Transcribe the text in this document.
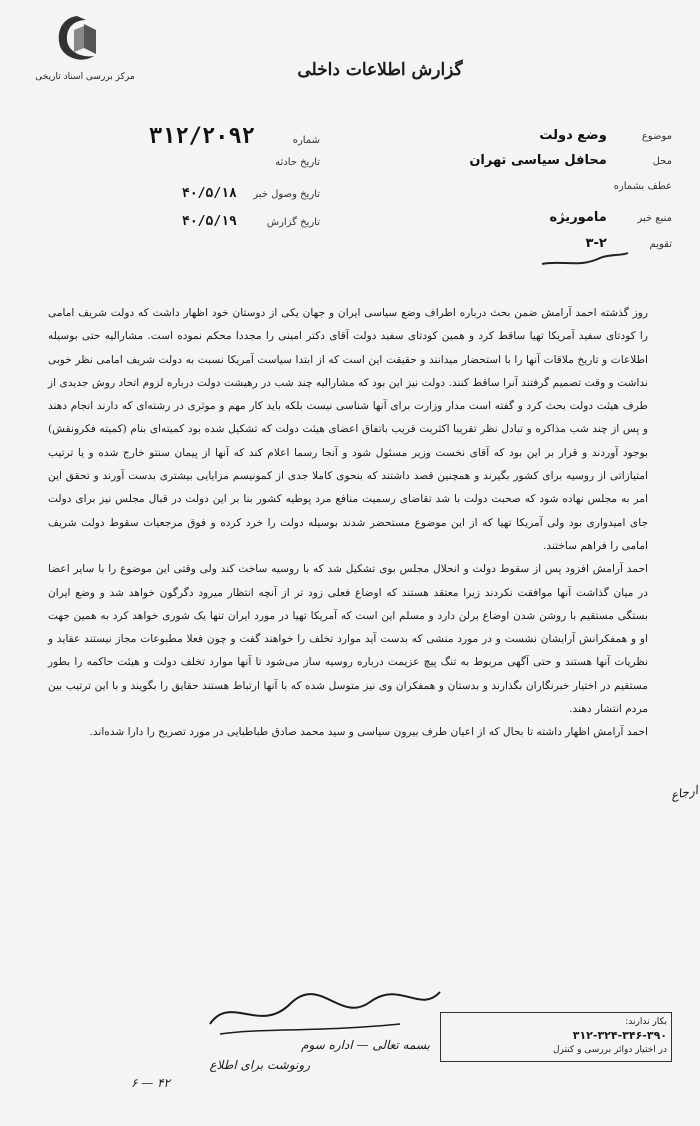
مرکز بررسی اسناد تاریخی	گزارش اطلاعات داخلی
موضوع وضع دولت
محل محافل سیاسی تهران
عطف بشماره
منبع خبر ماموریژه
تقویم ۳-۲
شماره ۳۱۲/۲۰۹۲
تاریخ حادثه
تاریخ وصول خبر ۴۰/۵/۱۸
تاریخ گزارش ۴۰/۵/۱۹

روز گذشته احمد آرامش ضمن بحث درباره اطراف وضع سیاسی ایران و جهان یکی از دوستان خود اظهار داشت که دولت شریف امامی را کودتای سفید آمریکا تهیا ساقط کرد و همین کودتای سفید دولت آقای دکتر امینی را مجددا محکم نموده است. مشارالیه حتی بوسیله اطلاعات و تاریخ ملاقات آنها را با استحضار میدانند و حقیقت این است که از ابتدا سیاست آمریکا نسبت به دولت شریف امامی نظر خوبی نداشت و وقت تصمیم گرفتند آنرا ساقط کنند. دولت نیز این بود که مشارالیه چند شب در رهیشت دولت درباره لزوم اتحاد روش جدیدی از طرف هیئت دولت بحث کرد و گفته است مدار وزارت برای آنها شناسی نیست بلکه باید کار مهم و موثری در رشته‌ای که دارند انجام دهند و پس از چند شب مذاکره و تبادل نظر تقریبا اکثریت قریب باتفاق اعضای هیئت دولت که تشکیل شده بود کمیته‌ای بنام (کمیته فکرونقش) بوجود آوردند و قرار بر این بود که آقای نخست وزیر مسئول شود و آنجا رسما اعلام کند که آنها از پیمان سنتو خارج شده و یا ترتیب امتیازاتی از روسیه برای کشور بگیرند و همچنین قصد داشتند که بنحوی کاملا جدی از کمونیسم مزایایی بیشتری بدست آورند و تحقق این امر به مجلس نهاده شود که صحبت دولت با شد تقاضای رسمیت منافع مرد پوطیه کشور بنا بر این دولت در قبال مجلس نیز برای دولت جای امیدواری بود ولی آمریکا تهیا که از این موضوع مستحضر شدند بوسیله دولت را خرد کرده و فوق مرجعیات سقوط دولت شریف امامی را فراهم ساختند.

احمد آرامش افزود پس از سقوط دولت و انحلال مجلس بوی تشکیل شد که با روسیه ساخت کند ولی وقتی این موضوع را با سایر اعضا در میان گذاشت آنها موافقت نکردند زیرا معتقد هستند که اوضاع فعلی زود تر از آنچه انتظار میرود دگرگون خواهد شد و وضع ایران بستگی مستقیم با روشن شدن اوضاع برلن دارد و مسلم این است که آمریکا تهیا در مورد ایران تنها یک شوری خواهد کرد به همین جهت او و همفکرانش آرایشان نشست و در مورد منشی که بدست آید موارد تخلف را خواهند گفت و چون فعلا مطبوعات مجاز نیستند عقاید و نظریات آنها هستند و حتی آگهی مربوط به تنگ پیچ عزیمت درباره روسیه ساز می‌شود تا آنها موارد تخلف دولت و هیئت حاکمه را بطور مستقیم در اختیار خبرنگاران بگذارند و بدستان و همفکران وی نیز متوسل شده که با آنها ارتباط هستند حقایق را بگویند و با این ترتیب بین مردم انتشار دهند.

احمد آرامش اظهار داشته تا بحال که از اعیان طرف بیرون سیاسی و سید محمد صادق طباطبایی در مورد تصریح را دارا شده‌اند.

ارجاع
بسمه تعالی — اداره سوم
رونوشت برای اطلاع
۴۲ — ۶
بکار ندارند:
۳۱۲-۳۲۴-۳۴۶-۳۹۰
در اختیار دوائر بررسی و کنترل
